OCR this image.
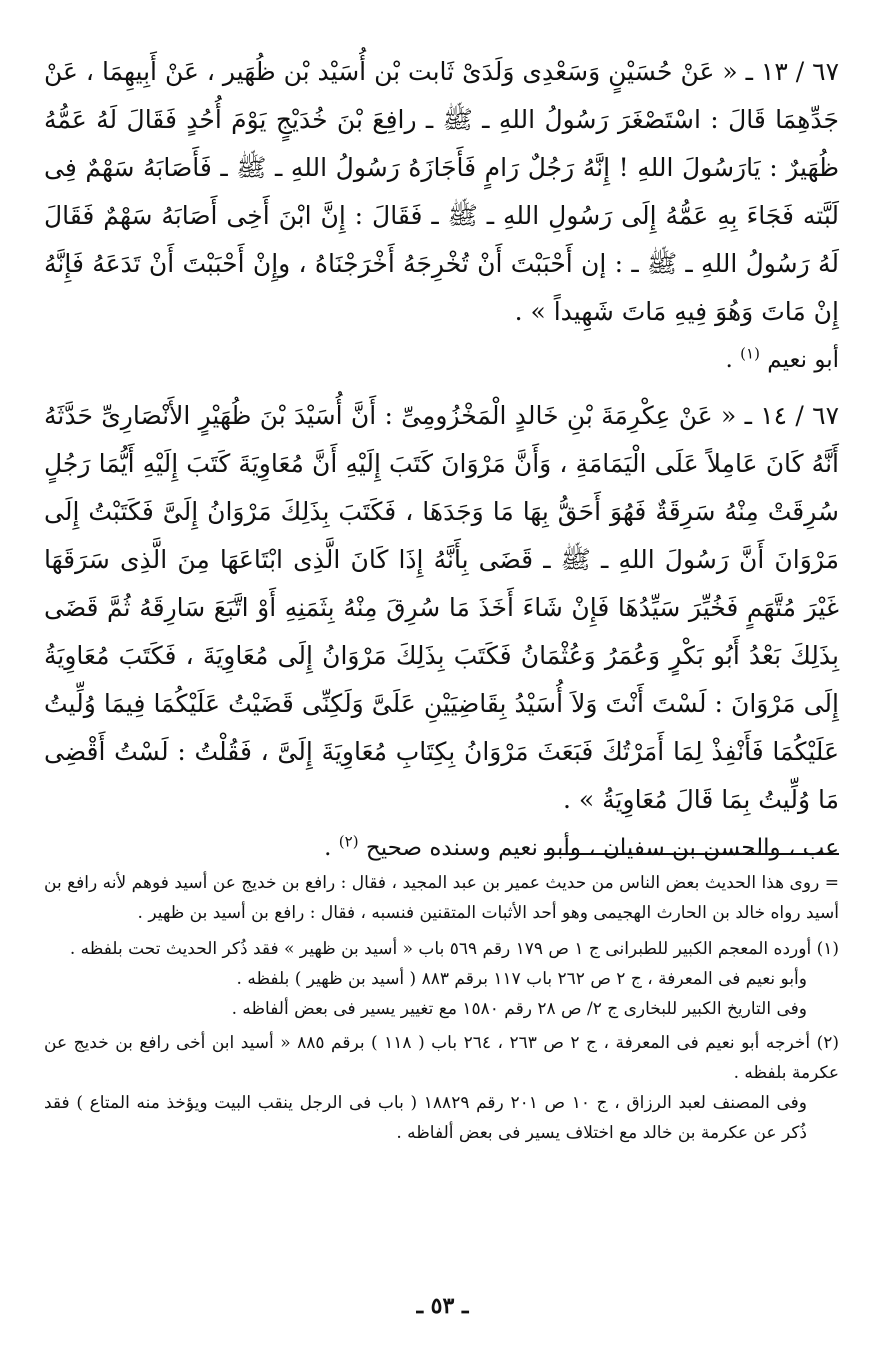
٦٧ / ١٣ ـ « عَنْ حُسَيْنٍ وَسَعْدِى وَلَدَىْ ثَابت بْن أُسَيْد بْن ظُهَير ، عَنْ أَبِيهِمَا ، عَنْ جَدِّهِمَا قَالَ : اسْتَصْغَرَ رَسُولُ اللهِ ـ ﷺ ـ رافِعَ بْنَ خُدَيْجٍ يَوْمَ أُحُدٍ فَقَالَ لَهُ عَمُّهُ ظُهَيرٌ : يَارَسُولَ اللهِ ! إِنَّهُ رَجُلٌ رَامٍ فَأَجَازَهُ رَسُولُ اللهِ ـ ﷺ ـ فَأَصَابَهُ سَهْمٌ فِى لَبَّته فَجَاءَ بِهِ عَمُّهُ إِلَى رَسُولِ اللهِ ـ ﷺ ـ فَقَالَ : إِنَّ ابْنَ أَخِى أَصَابَهُ سَهْمٌ فَقَالَ لَهُ رَسُولُ اللهِ ـ ﷺ ـ : إن أَحْبَبْتَ أَنْ تُخْرِجَهُ أَخْرَجْنَاهُ ، وإِنْ أَحْبَبْتَ أَنْ تَدَعَهُ فَإِنَّهُ إِنْ مَاتَ وَهُوَ فِيهِ مَاتَ شَهِيداً » .

أبو نعيم $^{(١)}$ .

٦٧ / ١٤ ـ « عَنْ عِكْرِمَةَ بْنِ خَالدٍ الْمَخْزُومِىِّ : أَنَّ أُسَيْدَ بْنَ ظُهَيْرٍ الأَنْصَارِىِّ حَدَّثَهُ أَنَّهُ كَانَ عَامِلاً عَلَى الْيَمَامَةِ ، وَأَنَّ مَرْوَانَ كَتَبَ إِلَيْهِ أَنَّ مُعَاوِيَةَ كَتَبَ إِلَيْهِ أَيُّمَا رَجُلٍ سُرِقَتْ مِنْهُ سَرِقَةٌ فَهُوَ أَحَقُّ بِهَا مَا وَجَدَهَا ، فَكَتَبَ بِذَلِكَ مَرْوَانُ إِلَىَّ فَكَتَبْتُ إِلَى مَرْوَانَ أَنَّ رَسُولَ اللهِ ـ ﷺ ـ قَضَى بِأَنَّهُ إِذَا كَانَ الَّذِى ابْتَاعَهَا مِنَ الَّذِى سَرَقَهَا غَيْرَ مُتَّهَمٍ فَخُيِّرَ سَيِّدُهَا فَإِنْ شَاءَ أَخَذَ مَا سُرِقَ مِنْهُ بِثَمَنِهِ أَوْ اتَّبَعَ سَارِقَهُ ثُمَّ قَضَى بِذَلِكَ بَعْدُ أَبُو بَكْرٍ وَعُمَرُ وَعُثْمَانُ فَكَتَبَ بِذَلِكَ مَرْوَانُ إِلَى مُعَاوِيَةَ ، فَكَتَبَ مُعَاوِيَةُ إِلَى مَرْوَانَ : لَسْتَ أَنْتَ وَلاَ أُسَيْدُ بِقَاضِيَيْنِ عَلَىَّ وَلَكِنِّى قَضَيْتُ عَلَيْكُمَا فِيمَا وُلِّيتُ عَلَيْكُمَا فَأَنْفِذْ لِمَا أَمَرْتُكَ فَبَعَثَ مَرْوَانُ بِكِتَابِ مُعَاوِيَةَ إِلَىَّ ، فَقُلْتُ : لَسْتُ أَقْضِى مَا وُلِّيتُ بِمَا قَالَ مُعَاوِيَةُ » .

عب ، والحسن بن سفيان ، وأبو نعيم وسنده صحيح $^{(٢)}$ .

= روى هذا الحديث بعض الناس من حديث عمير بن عبد المجيد ، فقال : رافع بن خديج عن أسيد فوهم لأنه رافع بن أسيد رواه خالد بن الحارث الهجيمى وهو أحد الأثبات المتقنين فنسبه ، فقال : رافع بن أسيد بن ظهير .

(١) أورده المعجم الكبير للطبرانى ج ١ ص ١٧٩ رقم ٥٦٩ باب « أسيد بن ظهير » فقد ذُكر الحديث تحت بلفظه .

وأبو نعيم فى المعرفة ، ج ٢ ص ٢٦٢ باب ١١٧ برقم ٨٨٣ ( أسيد بن ظهير ) بلفظه .

وفى التاريخ الكبير للبخارى ج ٢/ ص ٢٨ رقم ١٥٨٠ مع تغيير يسير فى بعض ألفاظه .

(٢) أخرجه أبو نعيم فى المعرفة ، ج ٢ ص ٢٦٣ ، ٢٦٤ باب ( ١١٨ ) برقم ٨٨٥ « أسيد ابن أخى رافع بن خديج عن عكرمة بلفظه .

وفى المصنف لعبد الرزاق ، ج ١٠ ص ٢٠١ رقم ١٨٨٢٩ ( باب فى الرجل ينقب البيت ويؤخذ منه المتاع ) فقد ذُكر عن عكرمة بن خالد مع اختلاف يسير فى بعض ألفاظه .

ـ ٥٣ ـ
